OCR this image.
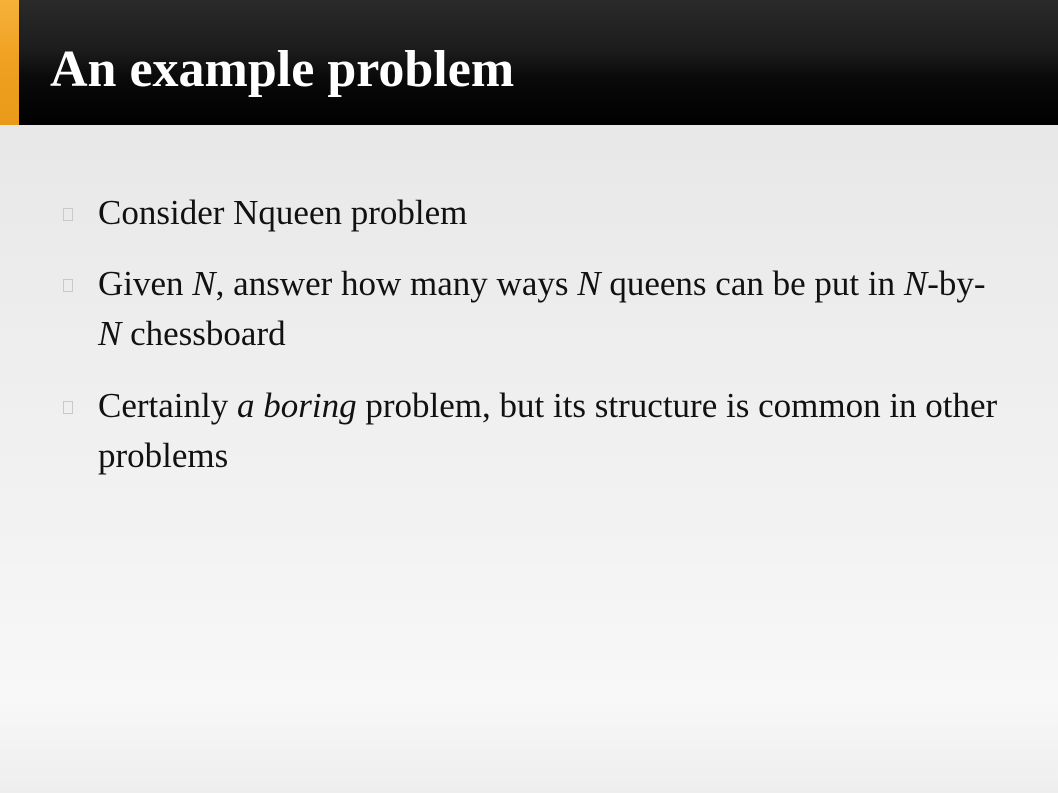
An example problem
Consider Nqueen problem
Given N, answer how many ways N queens can be put in N-by-N chessboard
Certainly a boring problem, but its structure is common in other problems
